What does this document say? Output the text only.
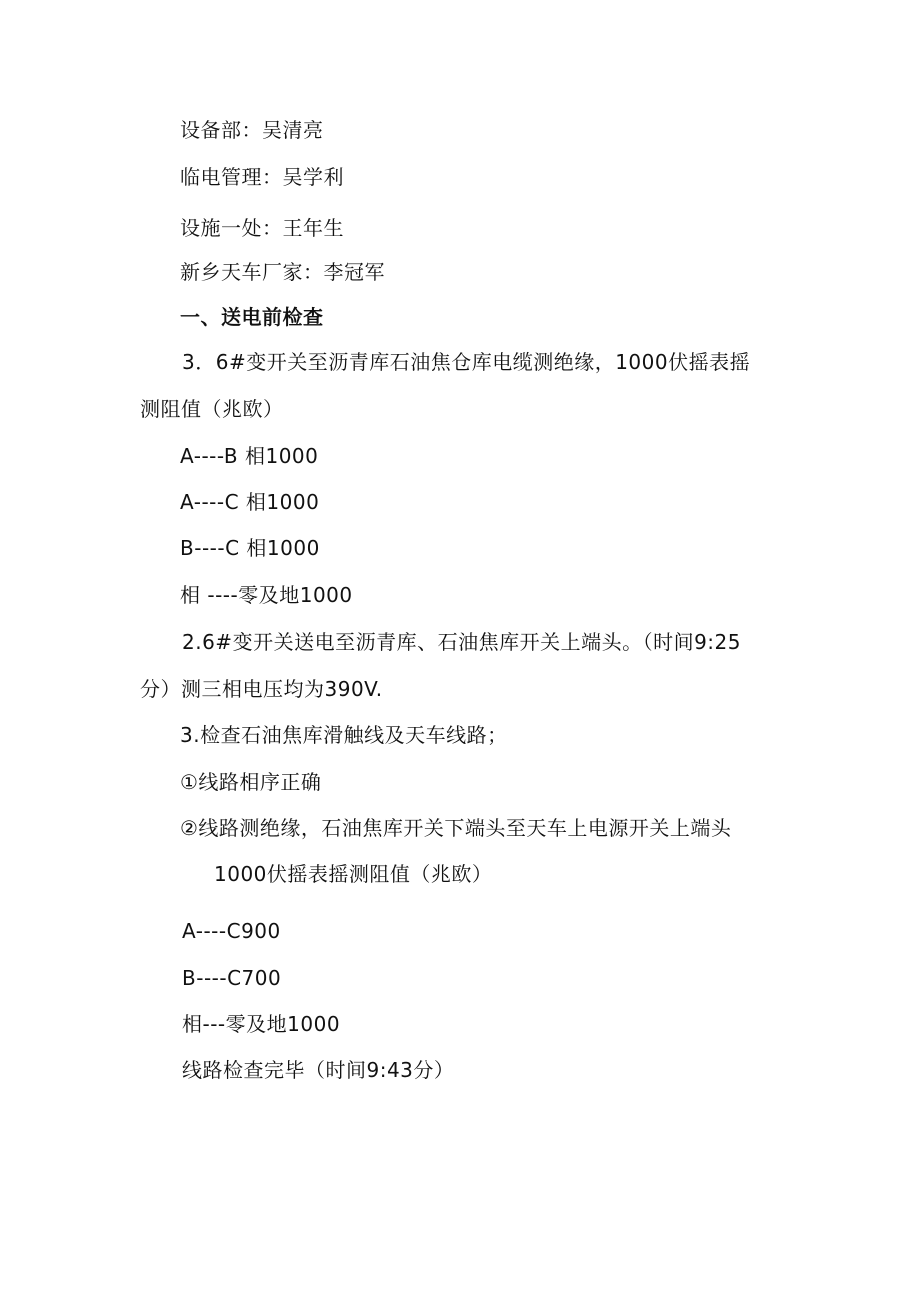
设备部：吴清亮
临电管理：吴学利
设施一处：王年生
新乡天车厂家：李冠军
一、送电前检查
3．6#变开关至沥青库石油焦仓库电缆测绝缘，1000伏摇表摇
测阻值（兆欧）
A----B 相1000
A----C 相1000
B----C 相1000
相 ----零及地1000
2.6#变开关送电至沥青库、石油焦库开关上端头。（时间9:25
分）测三相电压均为390V.
3.检查石油焦库滑触线及天车线路；
①线路相序正确
②线路测绝缘，石油焦库开关下端头至天车上电源开关上端头
1000伏摇表摇测阻值（兆欧）
A----C900
B----C700
相---零及地1000
线路检查完毕（时间9:43分）
